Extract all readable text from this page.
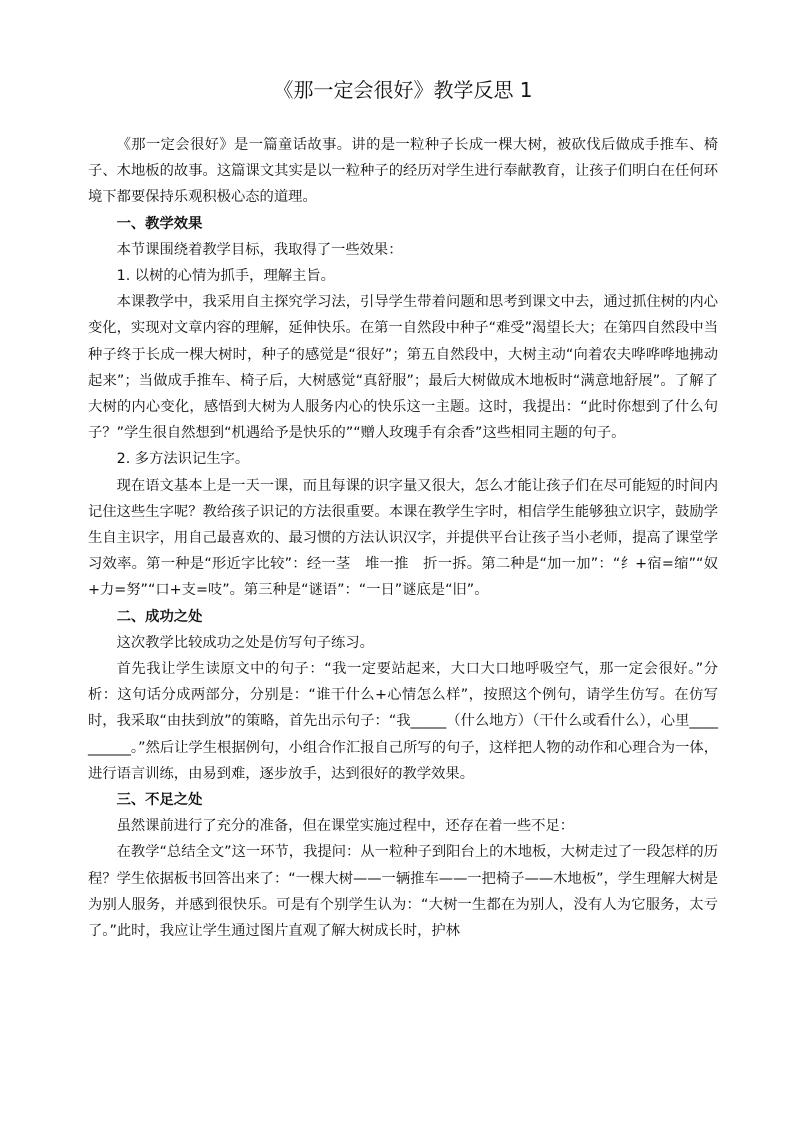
《那一定会很好》教学反思 1

《那一定会很好》是一篇童话故事。讲的是一粒种子长成一棵大树，被砍伐后做成手推车、椅子、木地板的故事。这篇课文其实是以一粒种子的经历对学生进行奉献教育，让孩子们明白在任何环境下都要保持乐观积极心态的道理。

一、教学效果

本节课围绕着教学目标，我取得了一些效果：

1. 以树的心情为抓手，理解主旨。

本课教学中，我采用自主探究学习法，引导学生带着问题和思考到课文中去，通过抓住树的内心变化，实现对文章内容的理解，延伸快乐。在第一自然段中种子“难受”渴望长大；在第四自然段中当种子终于长成一棵大树时，种子的感觉是“很好”；第五自然段中，大树主动“向着农夫哗哗哗地拂动起来”；当做成手推车、椅子后，大树感觉“真舒服”；最后大树做成木地板时“满意地舒展”。了解了大树的内心变化，感悟到大树为人服务内心的快乐这一主题。这时，我提出：“此时你想到了什么句子？”学生很自然想到“机遇给予是快乐的”“赠人玫瑰手有余香”这些相同主题的句子。

2. 多方法识记生字。

现在语文基本上是一天一课，而且每课的识字量又很大，怎么才能让孩子们在尽可能短的时间内记住这些生字呢？教给孩子识记的方法很重要。本课在教学生字时，相信学生能够独立识字，鼓励学生自主识字，用自己最喜欢的、最习惯的方法认识汉字，并提供平台让孩子当小老师，提高了课堂学习效率。第一种是“形近字比较”：经一茎　堆一推　折一拆。第二种是“加一加”：“纟+宿=缩”“奴+力=努”“口+支=吱”。第三种是“谜语”：“一日”谜底是“旧”。

二、成功之处

这次教学比较成功之处是仿写句子练习。

首先我让学生读原文中的句子：“我一定要站起来，大口大口地呼吸空气，那一定会很好。”分析：这句话分成两部分，分别是：“谁干什么+心情怎么样”，按照这个例句，请学生仿写。在仿写时，我采取“由扶到放”的策略，首先出示句子：“我_____（什么地方）（干什么或看什么），心里__________。”然后让学生根据例句，小组合作汇报自己所写的句子，这样把人物的动作和心理合为一体，进行语言训练，由易到难，逐步放手，达到很好的教学效果。

三、不足之处

虽然课前进行了充分的准备，但在课堂实施过程中，还存在着一些不足：

在教学“总结全文”这一环节，我提问：从一粒种子到阳台上的木地板，大树走过了一段怎样的历程？学生依据板书回答出来了：“一棵大树——一辆推车——一把椅子——木地板”，学生理解大树是为别人服务，并感到很快乐。可是有个别学生认为：“大树一生都在为别人，没有人为它服务，太亏了。”此时，我应让学生通过图片直观了解大树成长时，护林
